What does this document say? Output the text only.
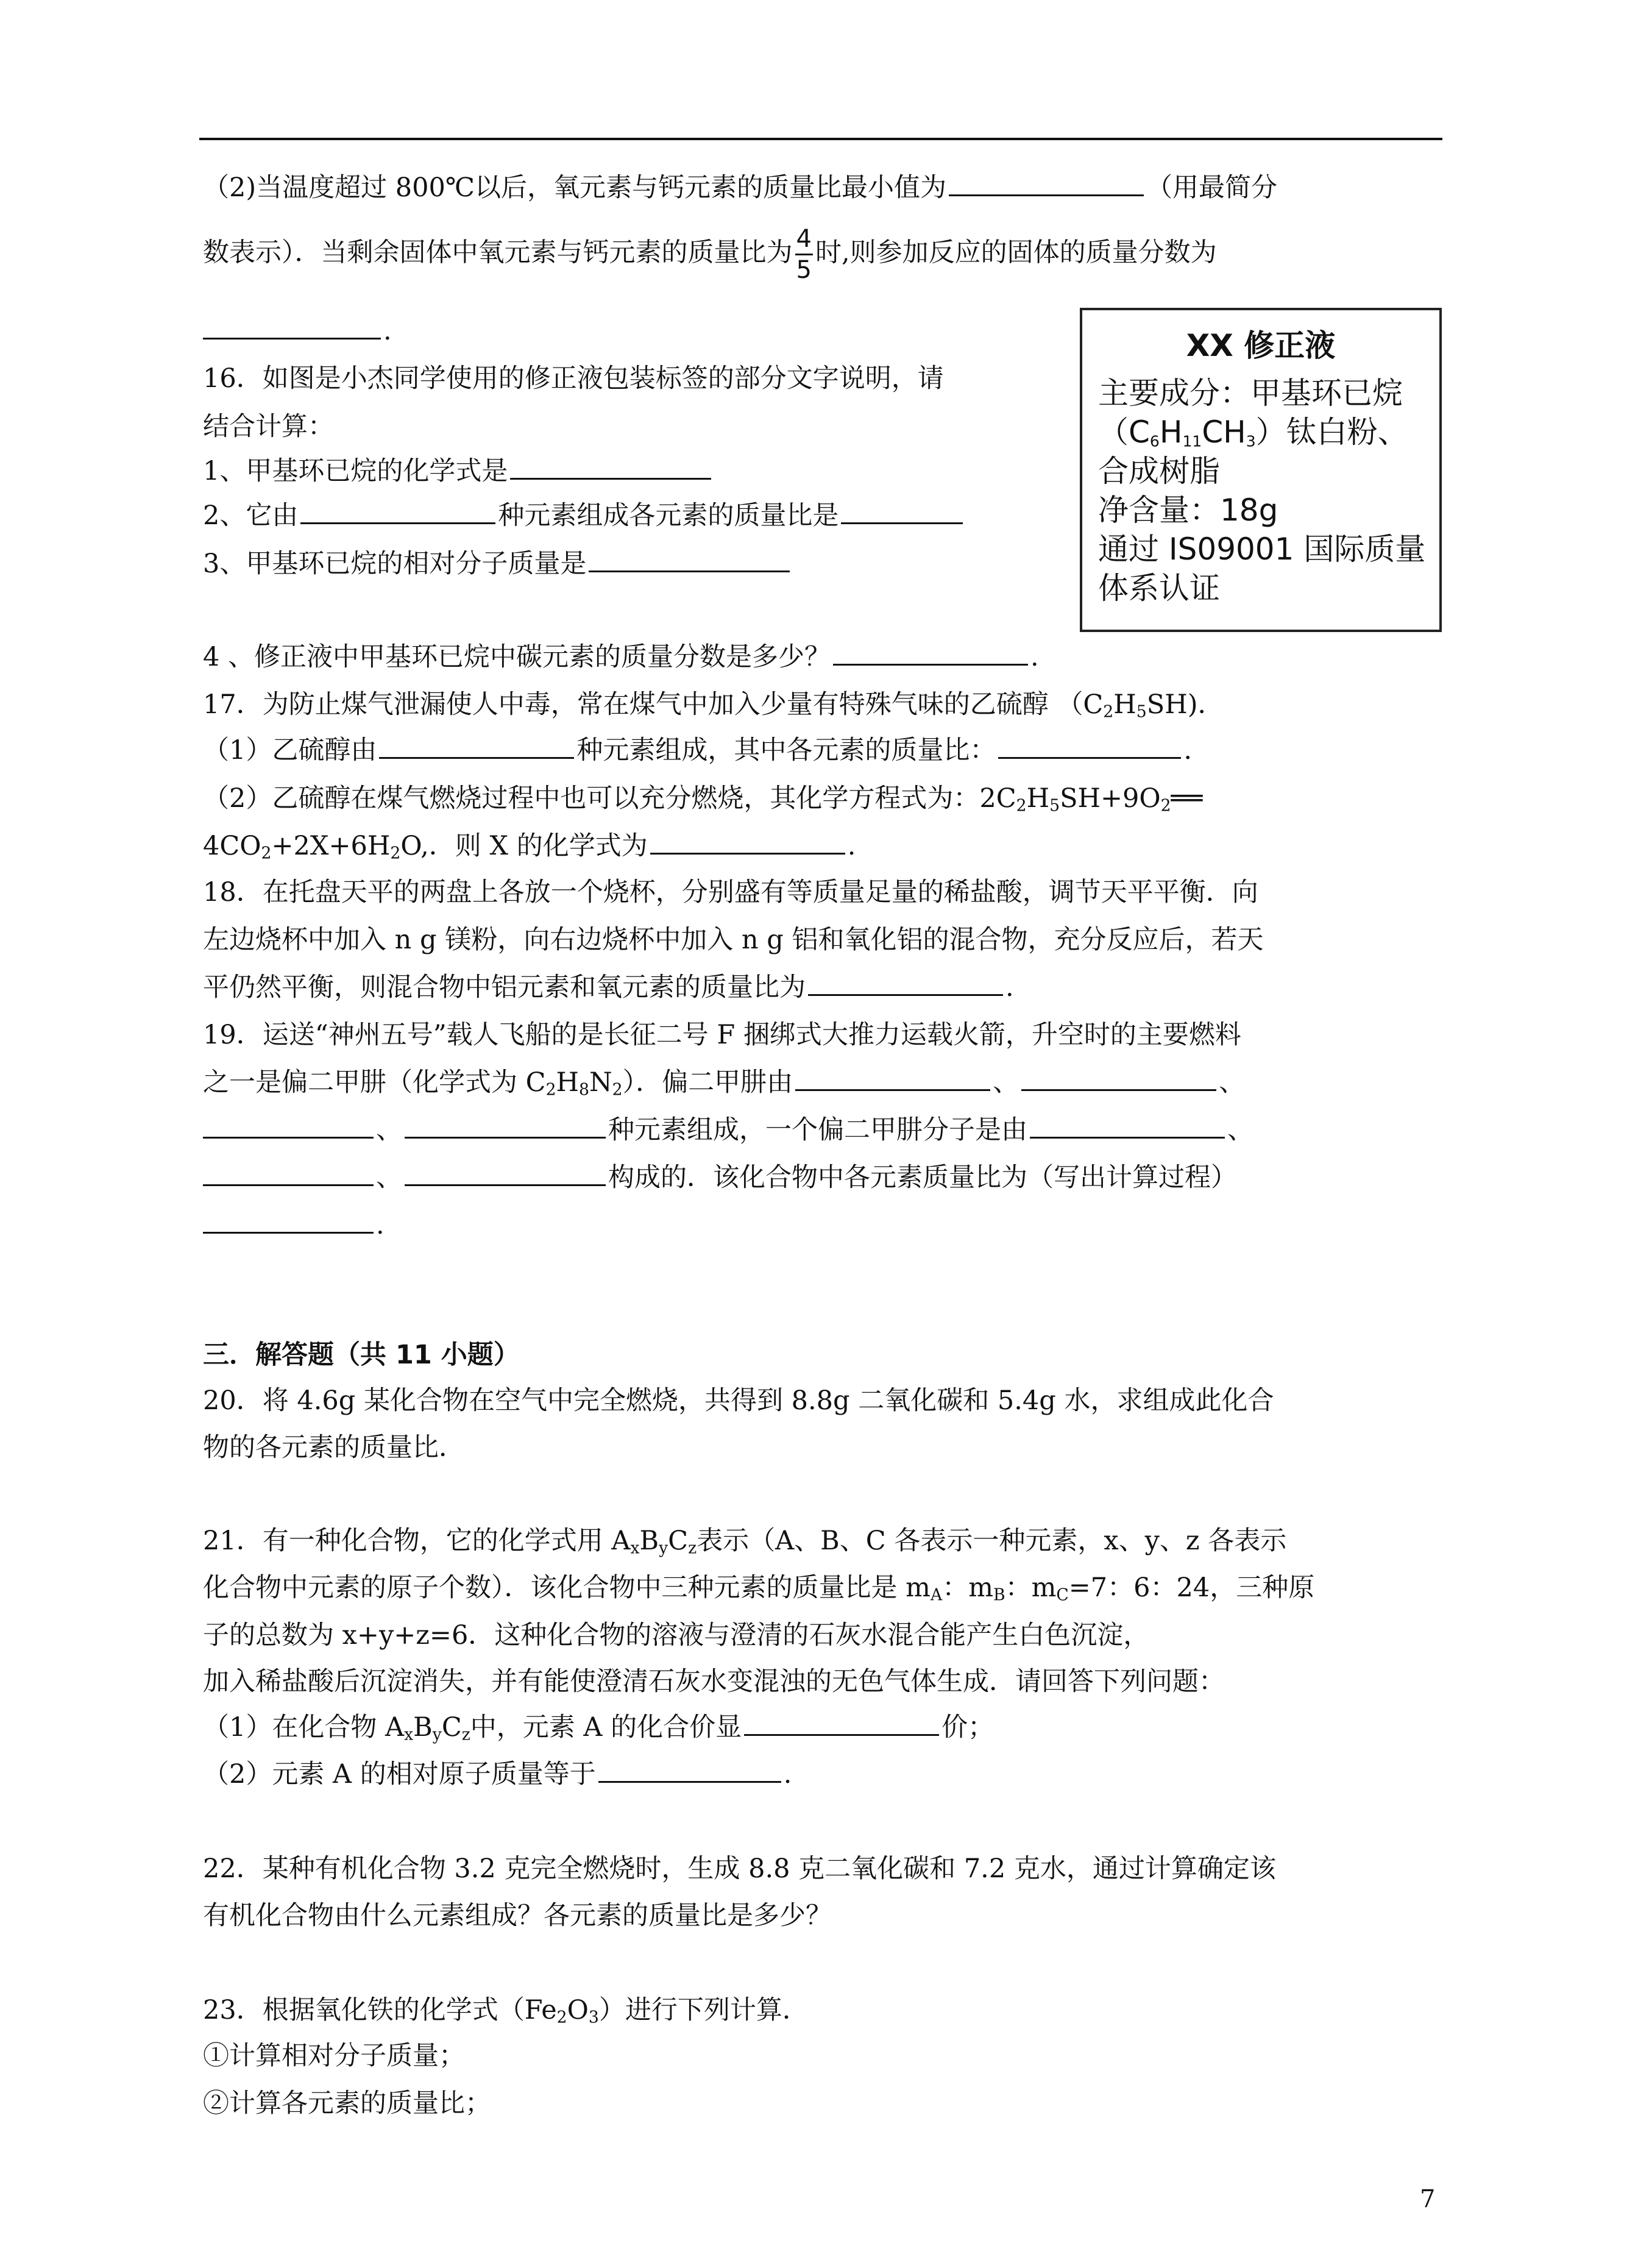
（2)当温度超过 800℃以后，氧元素与钙元素的质量比最小值为	（用最简分
数表示）．当剩余固体中氧元素与钙元素的质量比为 $\frac{4}{5}$ 时,则参加反应的固体的质量分数为
.	XX 修正液
主要成分：甲基环已烷
$(C_6H_{11}CH_3)$钛白粉、
合成树脂
净含量：18g
通过 IS09001 国际质量
体系认证
16．如图是小杰同学使用的修正液包装标签的部分文字说明，请
结合计算：
1、甲基环已烷的化学式是
2、它由	种元素组成各元素的质量比是
3、甲基环已烷的相对分子质量是
4 、修正液中甲基环已烷中碳元素的质量分数是多少？	.
17．为防止煤气泄漏使人中毒，常在煤气中加入少量有特殊气味的乙硫醇 $(C_2H_5SH)$．
（1）乙硫醇由	种元素组成，其中各元素的质量比：	.
（2）乙硫醇在煤气燃烧过程中也可以充分燃烧，其化学方程式为：$2C_2H_5SH+9O_2══$
$4CO_2+2X+6H_2O$,．则 X 的化学式为	.
18．在托盘天平的两盘上各放一个烧杯，分别盛有等质量足量的稀盐酸，调节天平平衡．向
左边烧杯中加入 n g 镁粉，向右边烧杯中加入 n g 铝和氧化铝的混合物，充分反应后，若天
平仍然平衡，则混合物中铝元素和氧元素的质量比为	.
19．运送“神州五号”载人飞船的是长征二号 F 捆绑式大推力运载火箭，升空时的主要燃料
之一是偏二甲肼（化学式为 $C_2H_8N_2$）．偏二甲肼由	、	、
、	种元素组成，一个偏二甲肼分子是由	、
、	构成的．该化合物中各元素质量比为（写出计算过程）
.
三．解答题（共 11 小题）
20．将 4.6g 某化合物在空气中完全燃烧，共得到 8.8g 二氧化碳和 5.4g 水，求组成此化合
物的各元素的质量比．
21．有一种化合物，它的化学式用 $A_xB_yC_z$表示（A、B、C 各表示一种元素，x、y、z 各表示
化合物中元素的原子个数）．该化合物中三种元素的质量比是 $m_A$：$m_B$：$m_C=7$：6：24，三种原
子的总数为 x+y+z=6．这种化合物的溶液与澄清的石灰水混合能产生白色沉淀，
加入稀盐酸后沉淀消失，并有能使澄清石灰水变混浊的无色气体生成．请回答下列问题：
（1）在化合物 $A_xB_yC_z$中，元素 A 的化合价显	价；
（2）元素 A 的相对原子质量等于	.
22．某种有机化合物 3.2 克完全燃烧时，生成 8.8 克二氧化碳和 7.2 克水，通过计算确定该
有机化合物由什么元素组成？各元素的质量比是多少？
23．根据氧化铁的化学式$(Fe_2O_3)$进行下列计算．
①计算相对分子质量；
②计算各元素的质量比；
7
